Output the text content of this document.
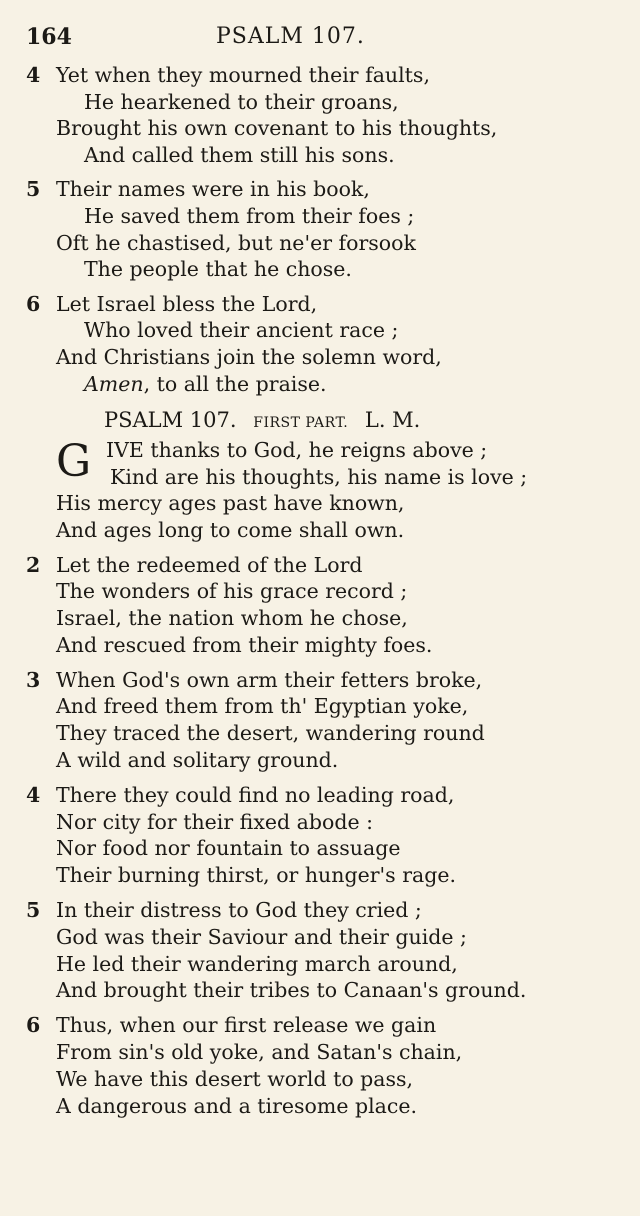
164	PSALM 107.
4 Yet when they mourned their faults,
He hearkened to their groans,
Brought his own covenant to his thoughts,
And called them still his sons.
5 Their names were in his book,
He saved them from their foes ;
Oft he chastised, but ne'er forsook
The people that he chose.
6 Let Israel bless the Lord,
Who loved their ancient race ;
And Christians join the solemn word,
Amen, to all the praise.
PSALM 107. FIRST PART. L. M.
G IVE thanks to God, he reigns above ;
Kind are his thoughts, his name is love ;
His mercy ages past have known,
And ages long to come shall own.
2 Let the redeemed of the Lord
The wonders of his grace record ;
Israel, the nation whom he chose,
And rescued from their mighty foes.
3 When God's own arm their fetters broke,
And freed them from th' Egyptian yoke,
They traced the desert, wandering round
A wild and solitary ground.
4 There they could find no leading road,
Nor city for their fixed abode :
Nor food nor fountain to assuage
Their burning thirst, or hunger's rage.
5 In their distress to God they cried ;
God was their Saviour and their guide ;
He led their wandering march around,
And brought their tribes to Canaan's ground.
6 Thus, when our first release we gain
From sin's old yoke, and Satan's chain,
We have this desert world to pass,
A dangerous and a tiresome place.
